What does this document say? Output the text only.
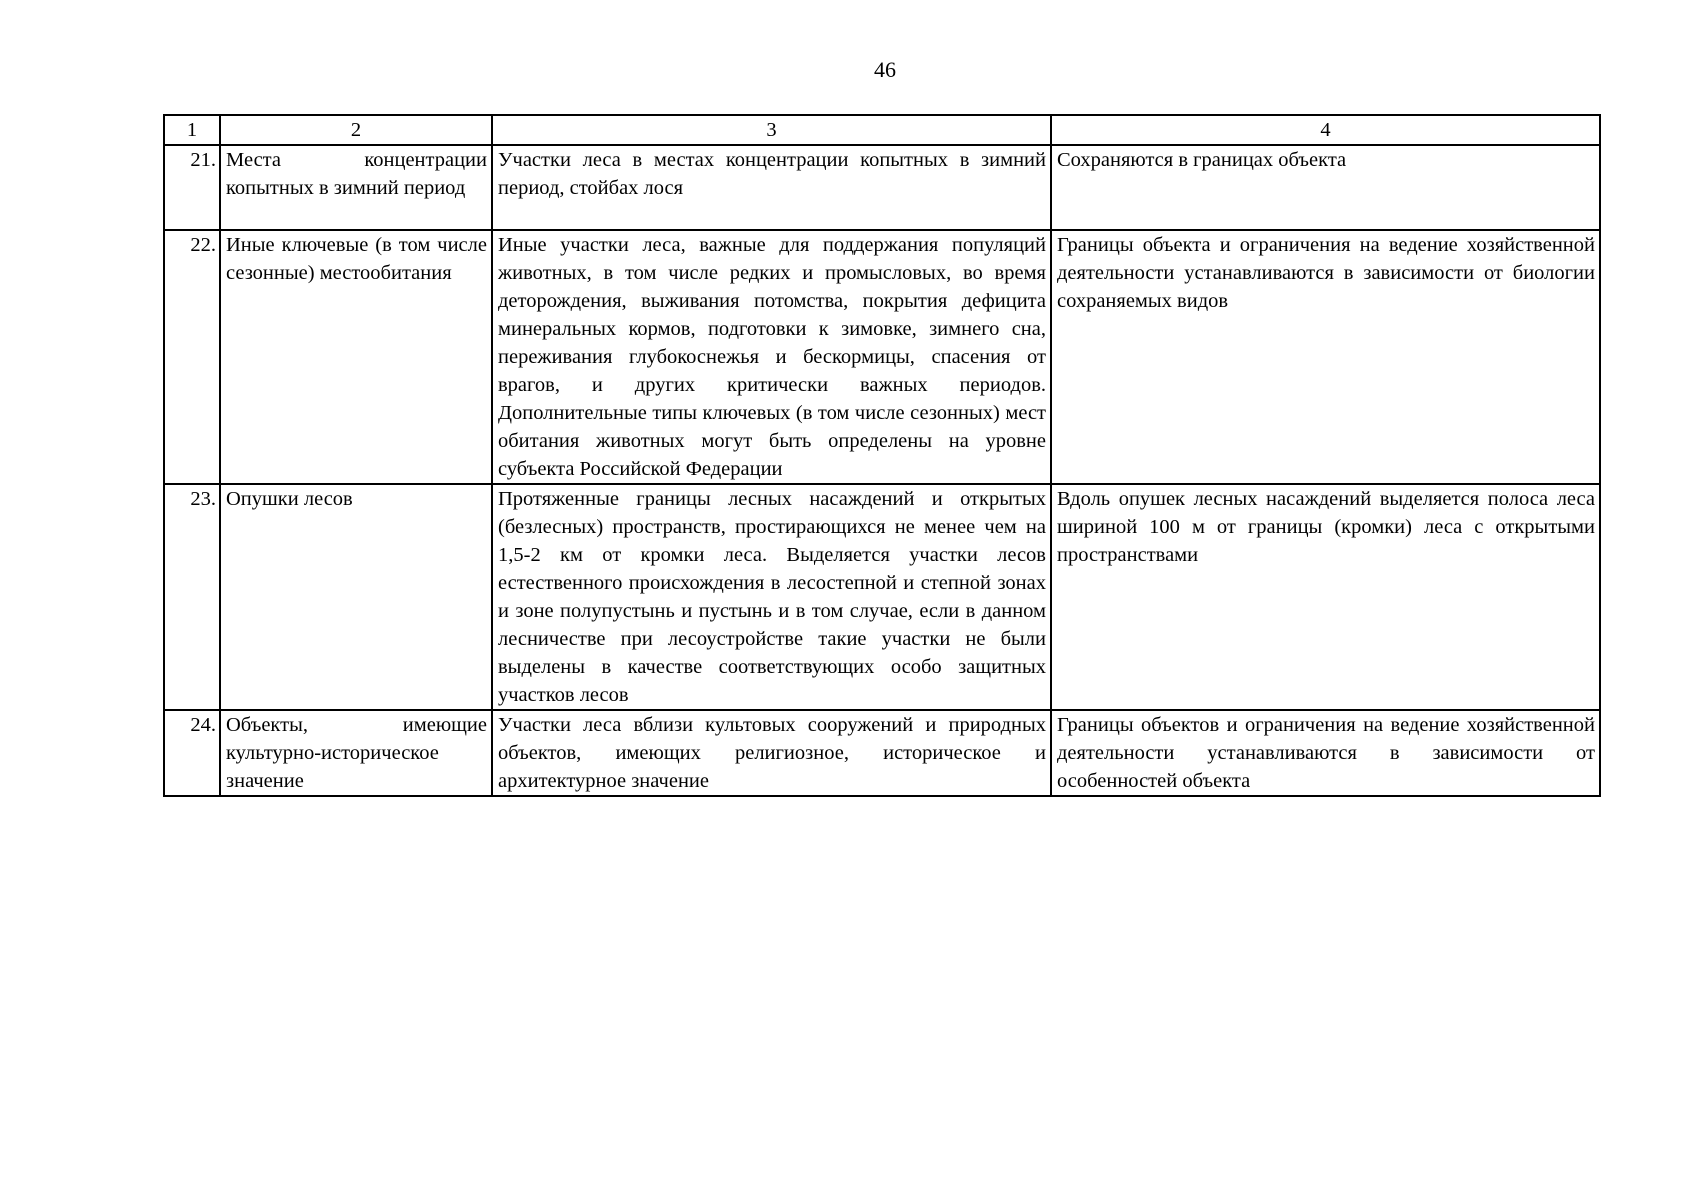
46
1	2	3	4
21.	Места концентрации копытных в зимний период	Участки леса в местах концентрации копытных в зимний период, стойбах лося	Сохраняются в границах объекта
22.	Иные ключевые (в том числе сезонные) местообитания	Иные участки леса, важные для поддержания популяций животных, в том числе редких и промысловых, во время деторождения, выживания потомства, покрытия дефицита минеральных кормов, подготовки к зимовке, зимнего сна, переживания глубокоснежья и бескормицы, спасения от врагов, и других критически важных периодов. Дополнительные типы ключевых (в том числе сезонных) мест обитания животных могут быть определены на уровне субъекта Российской Федерации	Границы объекта и ограничения на ведение хозяйственной деятельности устанавливаются в зависимости от биологии сохраняемых видов
23.	Опушки лесов	Протяженные границы лесных насаждений и открытых (безлесных) пространств, простирающихся не менее чем на 1,5-2 км от кромки леса. Выделяется участки лесов естественного происхождения в лесостепной и степной зонах и зоне полупустынь и пустынь и в том случае, если в данном лесничестве при лесоустройстве такие участки не были выделены в качестве соответствующих особо защитных участков лесов	Вдоль опушек лесных насаждений выделяется полоса леса шириной 100 м от границы (кромки) леса с открытыми пространствами
24.	Объекты, имеющие культурно-историческое значение	Участки леса вблизи культовых сооружений и природных объектов, имеющих религиозное, историческое и архитектурное значение	Границы объектов и ограничения на ведение хозяйственной деятельности устанавливаются в зависимости от особенностей объекта
